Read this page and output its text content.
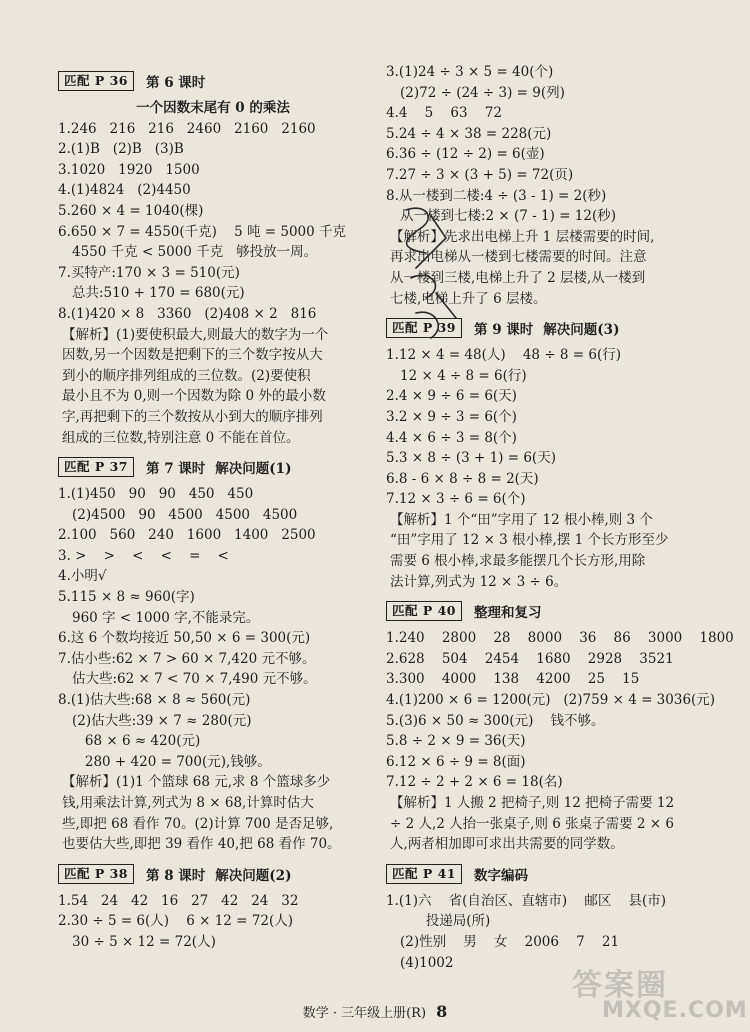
匹配 P 36	第 6 课时
一个因数末尾有 0 的乘法
1.246   216   216   2460   2160   2160
2.(1)B   (2)B   (3)B
3.1020   1920   1500
4.(1)4824   (2)4450
5.260 × 4 = 1040(棵)
6.650 × 7 = 4550(千克)    5 吨 = 5000 千克
4550 千克 < 5000 千克   够投放一周。
7.买特产:170 × 3 = 510(元)
总共:510 + 170 = 680(元)
8.(1)420 × 8   3360   (2)408 × 2   816
【解析】(1)要使积最大,则最大的数字为一个
因数,另一个因数是把剩下的三个数字按从大
到小的顺序排列组成的三位数。(2)要使积
最小且不为 0,则一个因数为除 0 外的最小数
字,再把剩下的三个数按从小到大的顺序排列
组成的三位数,特别注意 0 不能在首位。
匹配 P 37	第 7 课时 解决问题(1)
1.(1)450   90   90   450   450
(2)4500   90   4500   4500   4500
2.100   560   240   1600   1400   2500
3. >    >    <    <    =    <
4.小明√
5.115 × 8 ≈ 960(字)
960 字 < 1000 字,不能录完。
6.这 6 个数均接近 50,50 × 6 = 300(元)
7.估小些:62 × 7 > 60 × 7,420 元不够。
估大些:62 × 7 < 70 × 7,490 元不够。
8.(1)估大些:68 × 8 ≈ 560(元)
(2)估大些:39 × 7 ≈ 280(元)
68 × 6 ≈ 420(元)
280 + 420 = 700(元),钱够。
【解析】(1)1 个篮球 68 元,求 8 个篮球多少
钱,用乘法计算,列式为 8 × 68,计算时估大
些,即把 68 看作 70。(2)计算 700 是否足够,
也要估大些,即把 39 看作 40,把 68 看作 70。
匹配 P 38	第 8 课时 解决问题(2)
1.54   24   42   16   27   42   24   32
2.30 ÷ 5 = 6(人)    6 × 12 = 72(人)
30 ÷ 5 × 12 = 72(人)
3.(1)24 ÷ 3 × 5 = 40(个)
(2)72 ÷ (24 ÷ 3) = 9(列)
4.4    5    63    72
5.24 ÷ 4 × 38 = 228(元)
6.36 ÷ (12 ÷ 2) = 6(壶)
7.27 ÷ 3 × (3 + 5) = 72(页)
8.从一楼到二楼:4 ÷ (3 - 1) = 2(秒)
从一楼到七楼:2 × (7 - 1) = 12(秒)
【解析】先求出电梯上升 1 层楼需要的时间,
再求出电梯从一楼到七楼需要的时间。注意
从一楼到三楼,电梯上升了 2 层楼,从一楼到
七楼,电梯上升了 6 层楼。
匹配 P 39	第 9 课时 解决问题(3)
1.12 × 4 = 48(人)    48 ÷ 8 = 6(行)
12 × 4 ÷ 8 = 6(行)
2.4 × 9 ÷ 6 = 6(天)
3.2 × 9 ÷ 3 = 6(个)
4.4 × 6 ÷ 3 = 8(个)
5.3 × 8 ÷ (3 + 1) = 6(天)
6.8 - 6 × 8 ÷ 8 = 2(天)
7.12 × 3 ÷ 6 = 6(个)
【解析】1 个“田”字用了 12 根小棒,则 3 个
“田”字用了 12 × 3 根小棒,摆 1 个长方形至少
需要 6 根小棒,求最多能摆几个长方形,用除
法计算,列式为 12 × 3 ÷ 6。
匹配 P 40	整理和复习
1.240    2800    28    8000    36    86    3000    1800
2.628    504    2454    1680    2928    3521
3.300    4000    138    4200    25    15
4.(1)200 × 6 = 1200(元)   (2)759 × 4 = 3036(元)
5.(3)6 × 50 ≈ 300(元)    钱不够。
5.8 ÷ 2 × 9 = 36(天)
6.12 × 6 ÷ 9 = 8(面)
7.12 ÷ 2 + 2 × 6 = 18(名)
【解析】1 人搬 2 把椅子,则 12 把椅子需要 12
÷ 2 人,2 人抬一张桌子,则 6 张桌子需要 2 × 6
人,两者相加即可求出共需要的同学数。
匹配 P 41	数字编码
1.(1)六    省(自治区、直辖市)    邮区    县(市)
投递局(所)
(2)性别    男    女    2006    7    21
(4)1002
数学 · 三年级上册(R) 8
答案圈
MXQE.COM
